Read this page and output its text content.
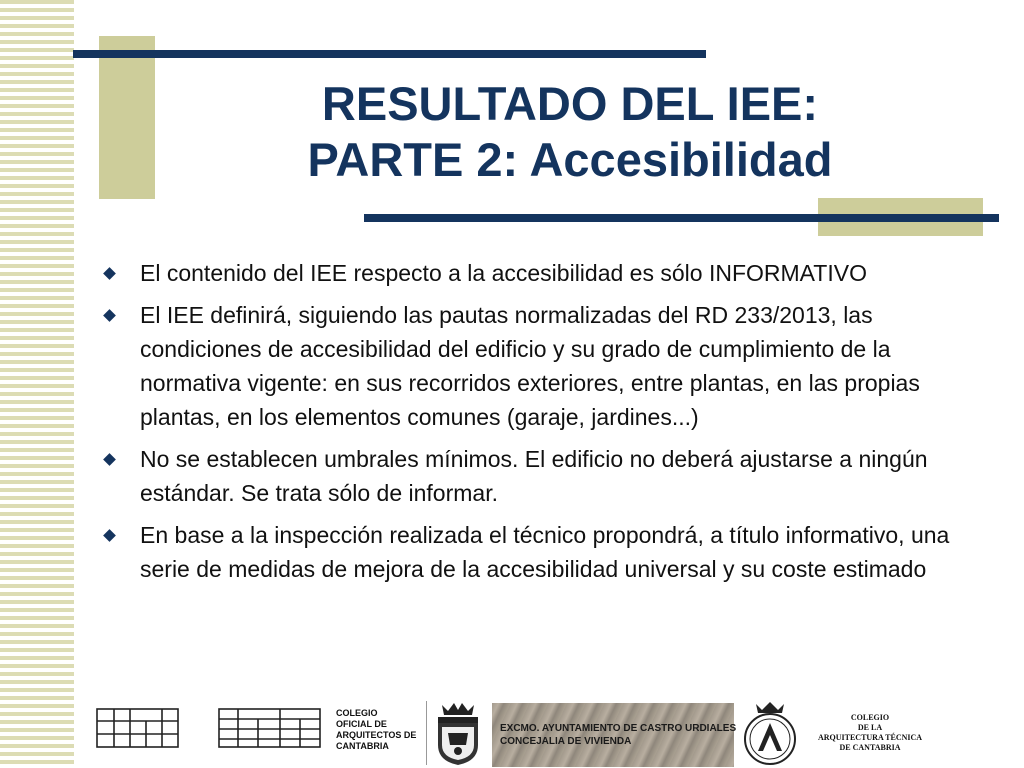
RESULTADO DEL IEE:
PARTE 2: Accesibilidad
El contenido del IEE respecto a la accesibilidad es sólo INFORMATIVO
El IEE definirá, siguiendo las pautas normalizadas del RD 233/2013, las condiciones de accesibilidad del edificio y su grado de cumplimiento de la normativa vigente: en sus recorridos exteriores, entre plantas, en las propias plantas, en los elementos comunes (garaje, jardines...)
No se establecen umbrales mínimos. El edificio no deberá ajustarse a ningún estándar. Se trata sólo de informar.
En base a la inspección realizada el técnico propondrá, a título informativo, una serie de medidas de mejora de la accesibilidad universal y su coste estimado
COLEGIO
OFICIAL DE
ARQUITECTOS DE
CANTABRIA
EXCMO. AYUNTAMIENTO DE CASTRO URDIALES
CONCEJALIA DE VIVIENDA
COLEGIO
DE LA
ARQUITECTURA TÉCNICA
DE CANTABRIA
